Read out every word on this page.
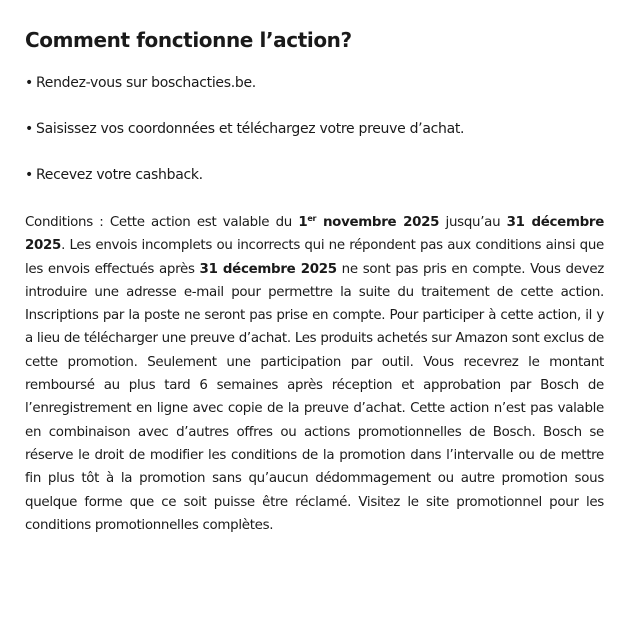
Comment fonctionne l’action?
• Rendez-vous sur boschacties.be.
• Saisissez vos coordonnées et téléchargez votre preuve d’achat.
• Recevez votre cashback.

Conditions : Cette action est valable du 1er novembre 2025 jusqu’au 31 décembre 2025. Les envois incomplets ou incorrects qui ne répondent pas aux conditions ainsi que les envois effectués après 31 décembre 2025 ne sont pas pris en compte. Vous devez introduire une adresse e-mail pour permettre la suite du traitement de cette action. Inscriptions par la poste ne seront pas prise en compte. Pour participer à cette action, il y a lieu de télécharger une preuve d’achat. Les produits achetés sur Amazon sont exclus de cette promotion. Seulement une participation par outil. Vous recevrez le montant remboursé au plus tard 6 semaines après réception et approbation par Bosch de l’enregistrement en ligne avec copie de la preuve d’achat. Cette action n’est pas valable en combinaison avec d’autres offres ou actions promotionnelles de Bosch. Bosch se réserve le droit de modifier les conditions de la promotion dans l’intervalle ou de mettre fin plus tôt à la promotion sans qu’aucun dédommagement ou autre promotion sous quelque forme que ce soit puisse être réclamé. Visitez le site promotionnel pour les conditions promotionnelles complètes.
